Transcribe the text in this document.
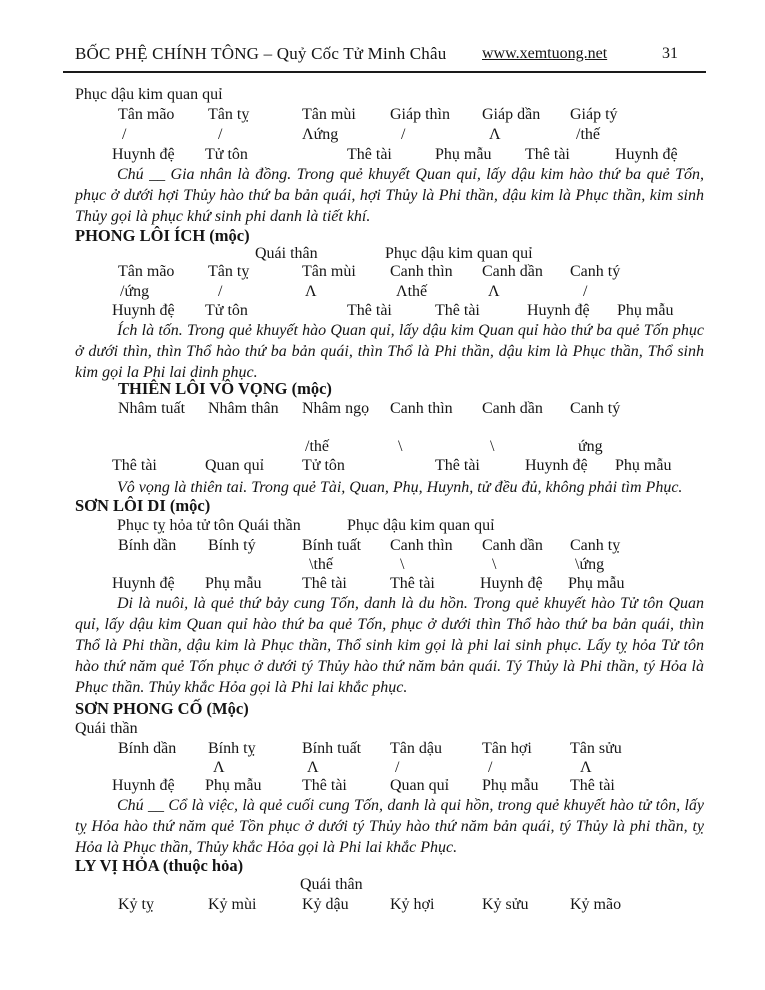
BỐC PHỆ CHÍNH TÔNG – Quỷ Cốc Tử Minh Châu www.xemtuong.net	31
Phục dậu kim quan quỉ
Tân mão Tân tỵ	Tân mùi Giáp thìn Giáp dần Giáp tý
/	/	Λứng	/	Λ	/thế
Huynh đệ Tử tôn	Thê tài	Phụ mẫu Thê tài	Huynh đệ
Chú __ Gia nhân là đồng. Trong quẻ khuyết Quan quỉ, lấy dậu kim hào thứ ba quẻ Tốn, phục ở dưới hợi Thủy hào thứ ba bản quái, hợi Thủy là Phi thần, dậu kim là Phục thần, kim sinh Thủy gọi là phục khứ sinh phi danh là tiết khí.
PHONG LÔI ÍCH (mộc)
Quái thân	Phục dậu kim quan quỉ
Tân mão Tân tỵ	Tân mùi Canh thìn Canh dần Canh tý
/ứng	/	Λ	Λthế	Λ	/
Huynh đệ Tử tôn	Thê tài	Thê tài	Huynh đệ Phụ mẫu
Ích là tốn. Trong quẻ khuyết hào Quan quỉ, lấy dậu kim Quan quỉ hào thứ ba quẻ Tốn phục ở dưới thìn, thìn Thổ hào thứ ba bản quái, thìn Thổ là Phi thần, dậu kim là Phục thần, Thổ sinh kim gọi la Phi lai dinh phục.
THIÊN LÔI VÔ VỌNG (mộc)
Nhâm tuất Nhâm thân Nhâm ngọ Canh thìn Canh dần Canh tý
/thế	\	\	ứng
Thê tài	Quan quỉ Tử tôn	Thê tài	Huynh đệ Phụ mẫu
Vô vọng là thiên tai. Trong quẻ Tài, Quan, Phụ, Huynh, tử đều đủ, không phải tìm Phục.
SƠN LÔI DI (mộc)
Phục tỵ hỏa tử tôn Quái thần	Phục dậu kim quan quỉ
Bính dần Bính tý	Bính tuất Canh thìn Canh dần Canh tỵ
\thế	\	\	\ứng
Huynh đệ Phụ mẫu	Thê tài	Thê tài	Huynh đệ Phụ mẫu
Di là nuôi, là quẻ thứ bảy cung Tốn, danh là du hồn. Trong quẻ khuyết hào Tử tôn Quan quỉ, lấy dậu kim Quan quỉ hào thứ ba quẻ Tốn, phục ở dưới thìn Thổ hào thứ ba bản quái, thìn Thổ là Phi thần, dậu kim là Phục thần, Thổ sinh kim gọi là phi lai sinh phục. Lấy tỵ hỏa Tử tôn hào thứ năm quẻ Tốn phục ở dưới tý Thủy hào thứ năm bản quái. Tý Thủy là Phi thần, tý Hỏa là Phục thần. Thủy khắc Hỏa gọi là Phi lai khắc phục.
SƠN PHONG CỐ (Mộc)
Quái thần
Bính dần Bính tỵ	Bính tuất Tân dậu	Tân hợi Tân sửu
Λ	Λ	/	/	Λ
Huynh đệ Phụ mẫu	Thê tài	Quan quỉ Phụ mẫu Thê tài
Chú __ Cổ là việc, là quẻ cuối cung Tốn, danh là qui hồn, trong quẻ khuyết hào tử tôn, lấy tỵ Hỏa hào thứ năm quẻ Tồn phục ở dưới tý Thủy hào thứ năm bản quái, tý Thủy là phi thần, tỵ Hỏa là Phục thần, Thủy khắc Hỏa gọi là Phi lai khắc Phục.
LY VỊ HỎA (thuộc hỏa)
Quái thân
Kỷ tỵ	Kỷ mùi	Kỷ dậu	Kỷ hợi	Kỷ sửu	Kỷ mão
